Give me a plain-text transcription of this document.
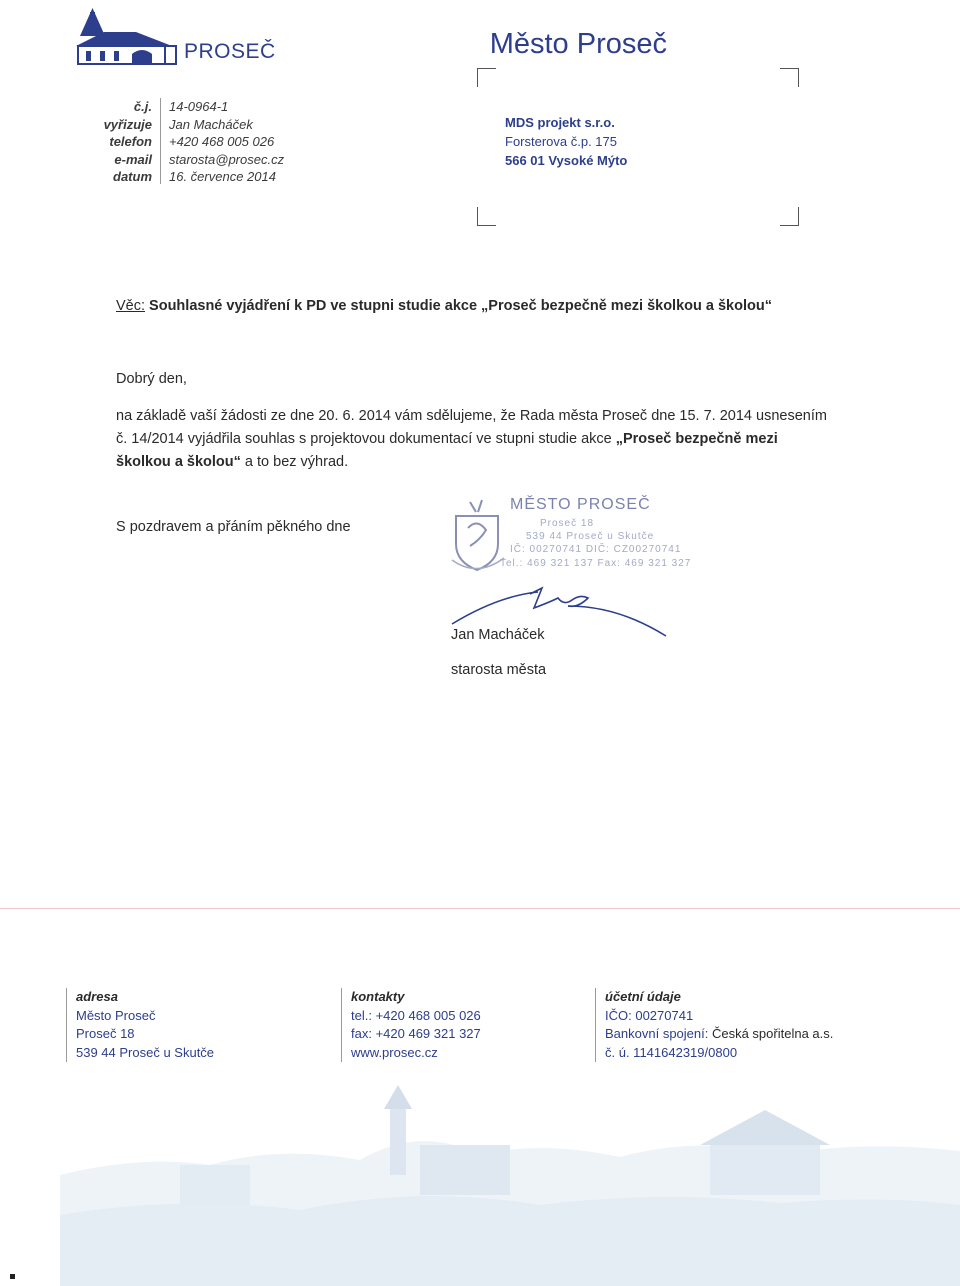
PROSEČ	Město Proseč
č.j.
vyřizuje
telefon
e-mail
datum
14-0964-1
Jan Macháček
+420 468 005 026
starosta@prosec.cz
16. července 2014
MDS projekt s.r.o.
Forsterova č.p. 175
566 01 Vysoké Mýto
Věc: Souhlasné vyjádření k PD ve stupni studie akce „Proseč bezpečně mezi školkou a školou“
Dobrý den,
na základě vaší žádosti ze dne 20. 6. 2014 vám sdělujeme, že Rada města Proseč dne 15. 7. 2014 usnesením č. 14/2014 vyjádřila souhlas s projektovou dokumentací ve stupni studie akce „Proseč bezpečně mezi školkou a školou“ a to bez výhrad.
S pozdravem a přáním pěkného dne
MĚSTO PROSEČ
Proseč 18
539 44 Proseč u Skutče
IČ: 00270741 DIČ: CZ00270741
Tel.: 469 321 137 Fax: 469 321 327
Jan Macháček
starosta města
adresa
Město Proseč
Proseč 18
539 44 Proseč u Skutče
kontakty
tel.: +420 468 005 026
fax: +420 469 321 327
www.prosec.cz
účetní údaje
IČO: 00270741
Bankovní spojení: Česká spořitelna a.s.
č. ú. 1141642319/0800
